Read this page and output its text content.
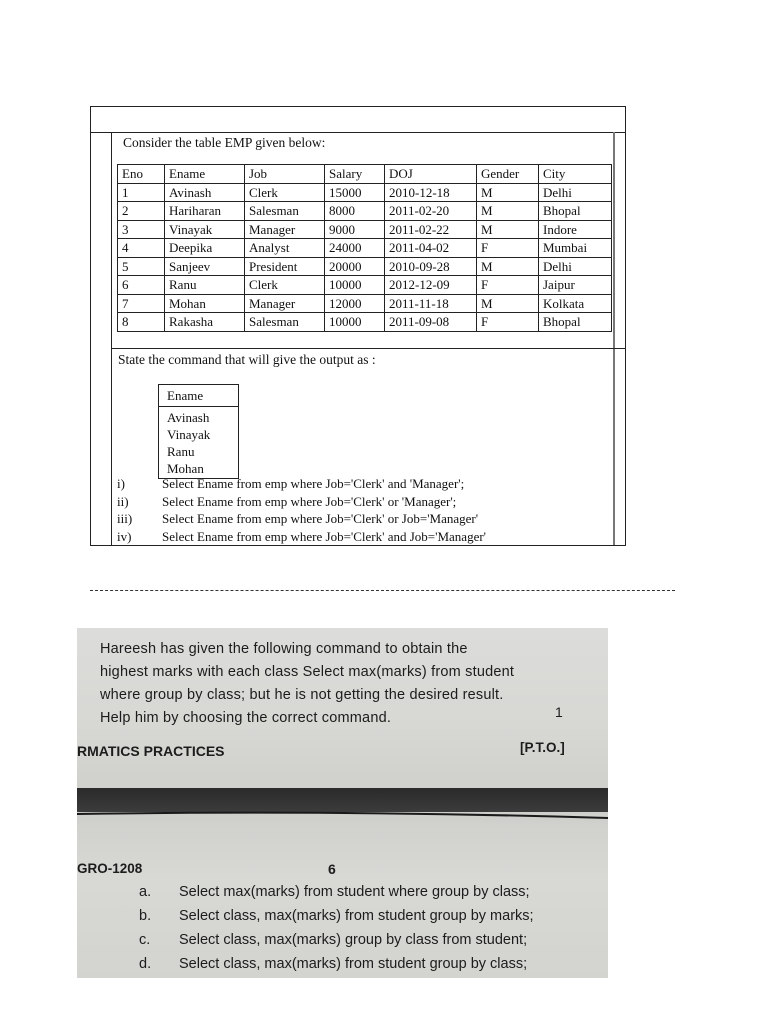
Consider the table EMP given below:
Eno	Ename	Job	Salary	DOJ	Gender	City
1	Avinash	Clerk	15000	2010-12-18	M	Delhi
2	Hariharan	Salesman	8000	2011-02-20	M	Bhopal
3	Vinayak	Manager	9000	2011-02-22	M	Indore
4	Deepika	Analyst	24000	2011-04-02	F	Mumbai
5	Sanjeev	President	20000	2010-09-28	M	Delhi
6	Ranu	Clerk	10000	2012-12-09	F	Jaipur
7	Mohan	Manager	12000	2011-11-18	M	Kolkata
8	Rakasha	Salesman	10000	2011-09-08	F	Bhopal
State the command that will give the output as :
Ename
Avinash
Vinayak
Ranu
Mohan
i)	Select Ename from emp where Job='Clerk' and 'Manager';
ii)	Select Ename from emp where Job='Clerk' or 'Manager';
iii)	Select Ename from emp where Job='Clerk' or Job='Manager'
iv)	Select Ename from emp where Job='Clerk' and Job='Manager'
Hareesh has given the following command to obtain the
highest marks with each class Select max(marks) from student
where group by class; but he is not getting the desired result.
Help him by choosing the correct command.	1
RMATICS PRACTICES	[P.T.O.]
GRO-1208	6
a.	Select max(marks) from student where group by class;
b.	Select class, max(marks) from student group by marks;
c.	Select class, max(marks) group by class from student;
d.	Select class, max(marks) from student group by class;
